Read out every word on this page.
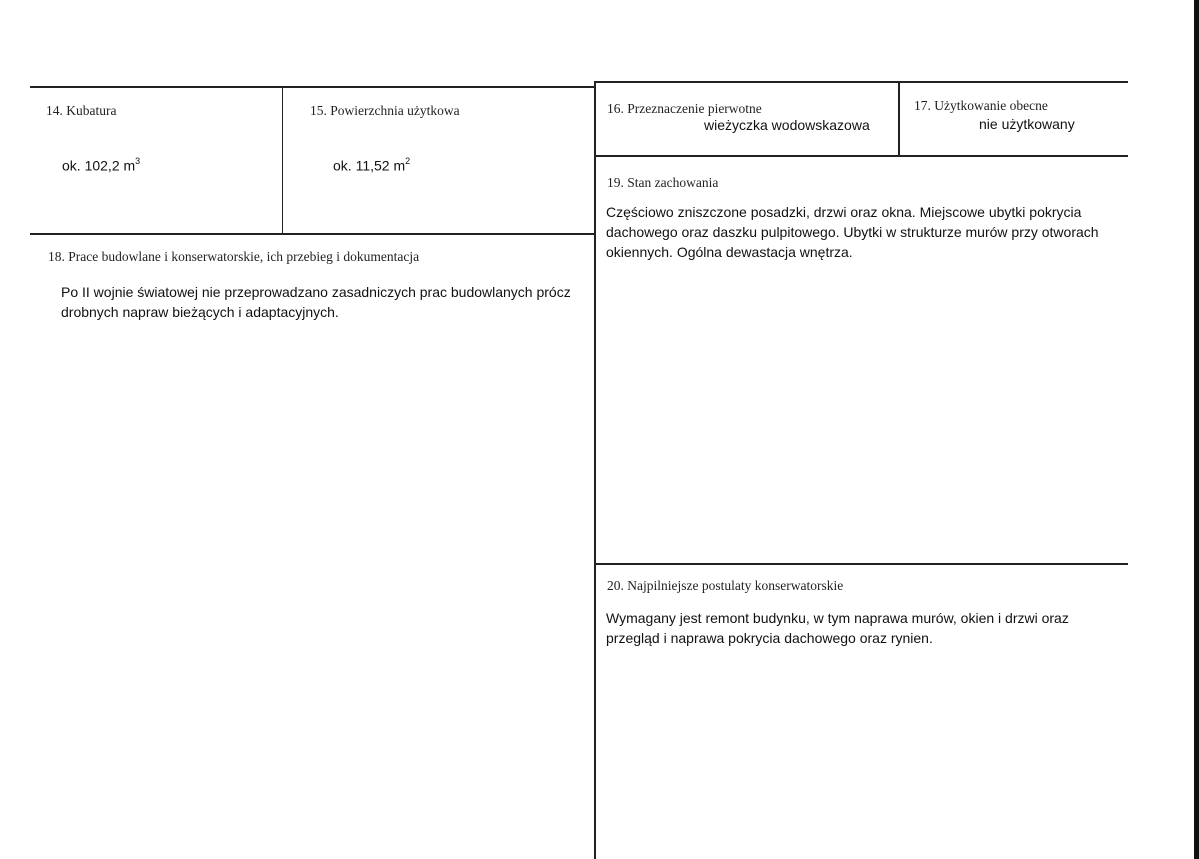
14. Kubatura
ok. 102,2 $m^3$
15. Powierzchnia użytkowa
ok. 11,52 $m^2$
16. Przeznaczenie pierwotne
wieżyczka wodowskazowa
17. Użytkowanie obecne
nie użytkowany
18. Prace budowlane i konserwatorskie, ich przebieg i dokumentacja
Po II wojnie światowej nie przeprowadzano zasadniczych prac budowlanych prócz
drobnych napraw bieżących i adaptacyjnych.
19. Stan zachowania
Częściowo zniszczone posadzki, drzwi oraz okna. Miejscowe ubytki pokrycia
dachowego oraz daszku pulpitowego. Ubytki w strukturze murów przy otworach
okiennych. Ogólna dewastacja wnętrza.
20. Najpilniejsze postulaty konserwatorskie
Wymagany jest remont budynku, w tym naprawa murów, okien i drzwi oraz
przegląd i naprawa pokrycia dachowego oraz rynien.
